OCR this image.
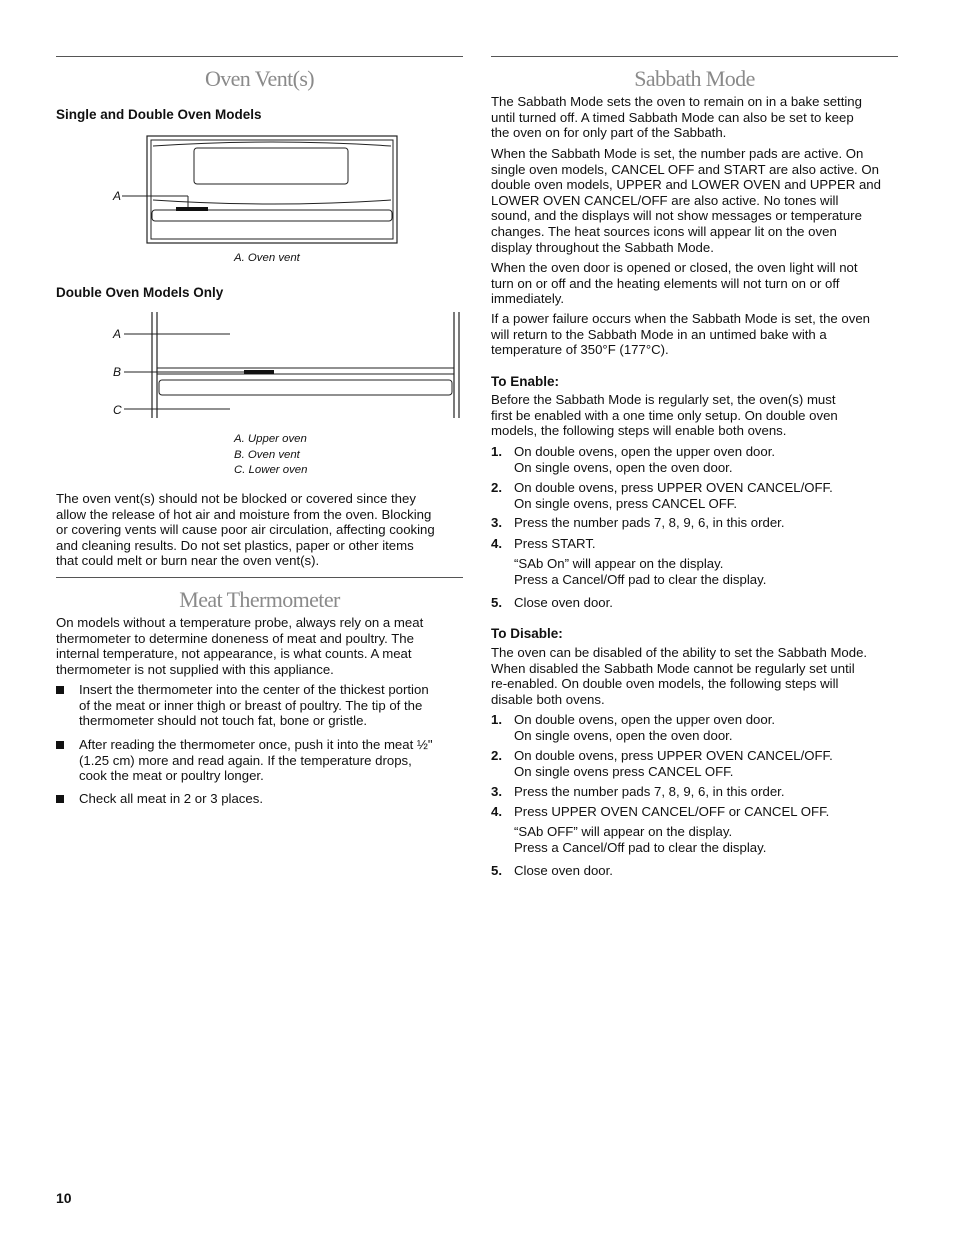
Oven Vent(s)
Single and Double Oven Models
A
A. Oven vent
Double Oven Models Only
A
B
C
A. Upper oven
B. Oven vent
C. Lower oven
The oven vent(s) should not be blocked or covered since they
allow the release of hot air and moisture from the oven. Blocking
or covering vents will cause poor air circulation, affecting cooking
and cleaning results. Do not set plastics, paper or other items
that could melt or burn near the oven vent(s).
Meat Thermometer
On models without a temperature probe, always rely on a meat
thermometer to determine doneness of meat and poultry. The
internal temperature, not appearance, is what counts. A meat
thermometer is not supplied with this appliance.
Insert the thermometer into the center of the thickest portion
of the meat or inner thigh or breast of poultry. The tip of the
thermometer should not touch fat, bone or gristle.
After reading the thermometer once, push it into the meat ½"
(1.25 cm) more and read again. If the temperature drops,
cook the meat or poultry longer.
Check all meat in 2 or 3 places.
Sabbath Mode
The Sabbath Mode sets the oven to remain on in a bake setting
until turned off. A timed Sabbath Mode can also be set to keep
the oven on for only part of the Sabbath.
When the Sabbath Mode is set, the number pads are active. On
single oven models, CANCEL OFF and START are also active. On
double oven models, UPPER and LOWER OVEN and UPPER and
LOWER OVEN CANCEL/OFF are also active. No tones will
sound, and the displays will not show messages or temperature
changes. The heat sources icons will appear lit on the oven
display throughout the Sabbath Mode.
When the oven door is opened or closed, the oven light will not
turn on or off and the heating elements will not turn on or off
immediately.
If a power failure occurs when the Sabbath Mode is set, the oven
will return to the Sabbath Mode in an untimed bake with a
temperature of 350°F (177°C).
To Enable:
Before the Sabbath Mode is regularly set, the oven(s) must
first be enabled with a one time only setup. On double oven
models, the following steps will enable both ovens.
1. On double ovens, open the upper oven door.
On single ovens, open the oven door.
2. On double ovens, press UPPER OVEN CANCEL/OFF.
On single ovens, press CANCEL OFF.
3. Press the number pads 7, 8, 9, 6, in this order.
4. Press START.
“SAb On” will appear on the display.
Press a Cancel/Off pad to clear the display.
5. Close oven door.
To Disable:
The oven can be disabled of the ability to set the Sabbath Mode.
When disabled the Sabbath Mode cannot be regularly set until
re-enabled. On double oven models, the following steps will
disable both ovens.
1. On double ovens, open the upper oven door.
On single ovens, open the oven door.
2. On double ovens, press UPPER OVEN CANCEL/OFF.
On single ovens press CANCEL OFF.
3. Press the number pads 7, 8, 9, 6, in this order.
4. Press UPPER OVEN CANCEL/OFF or CANCEL OFF.
“SAb OFF” will appear on the display.
Press a Cancel/Off pad to clear the display.
5. Close oven door.
10
